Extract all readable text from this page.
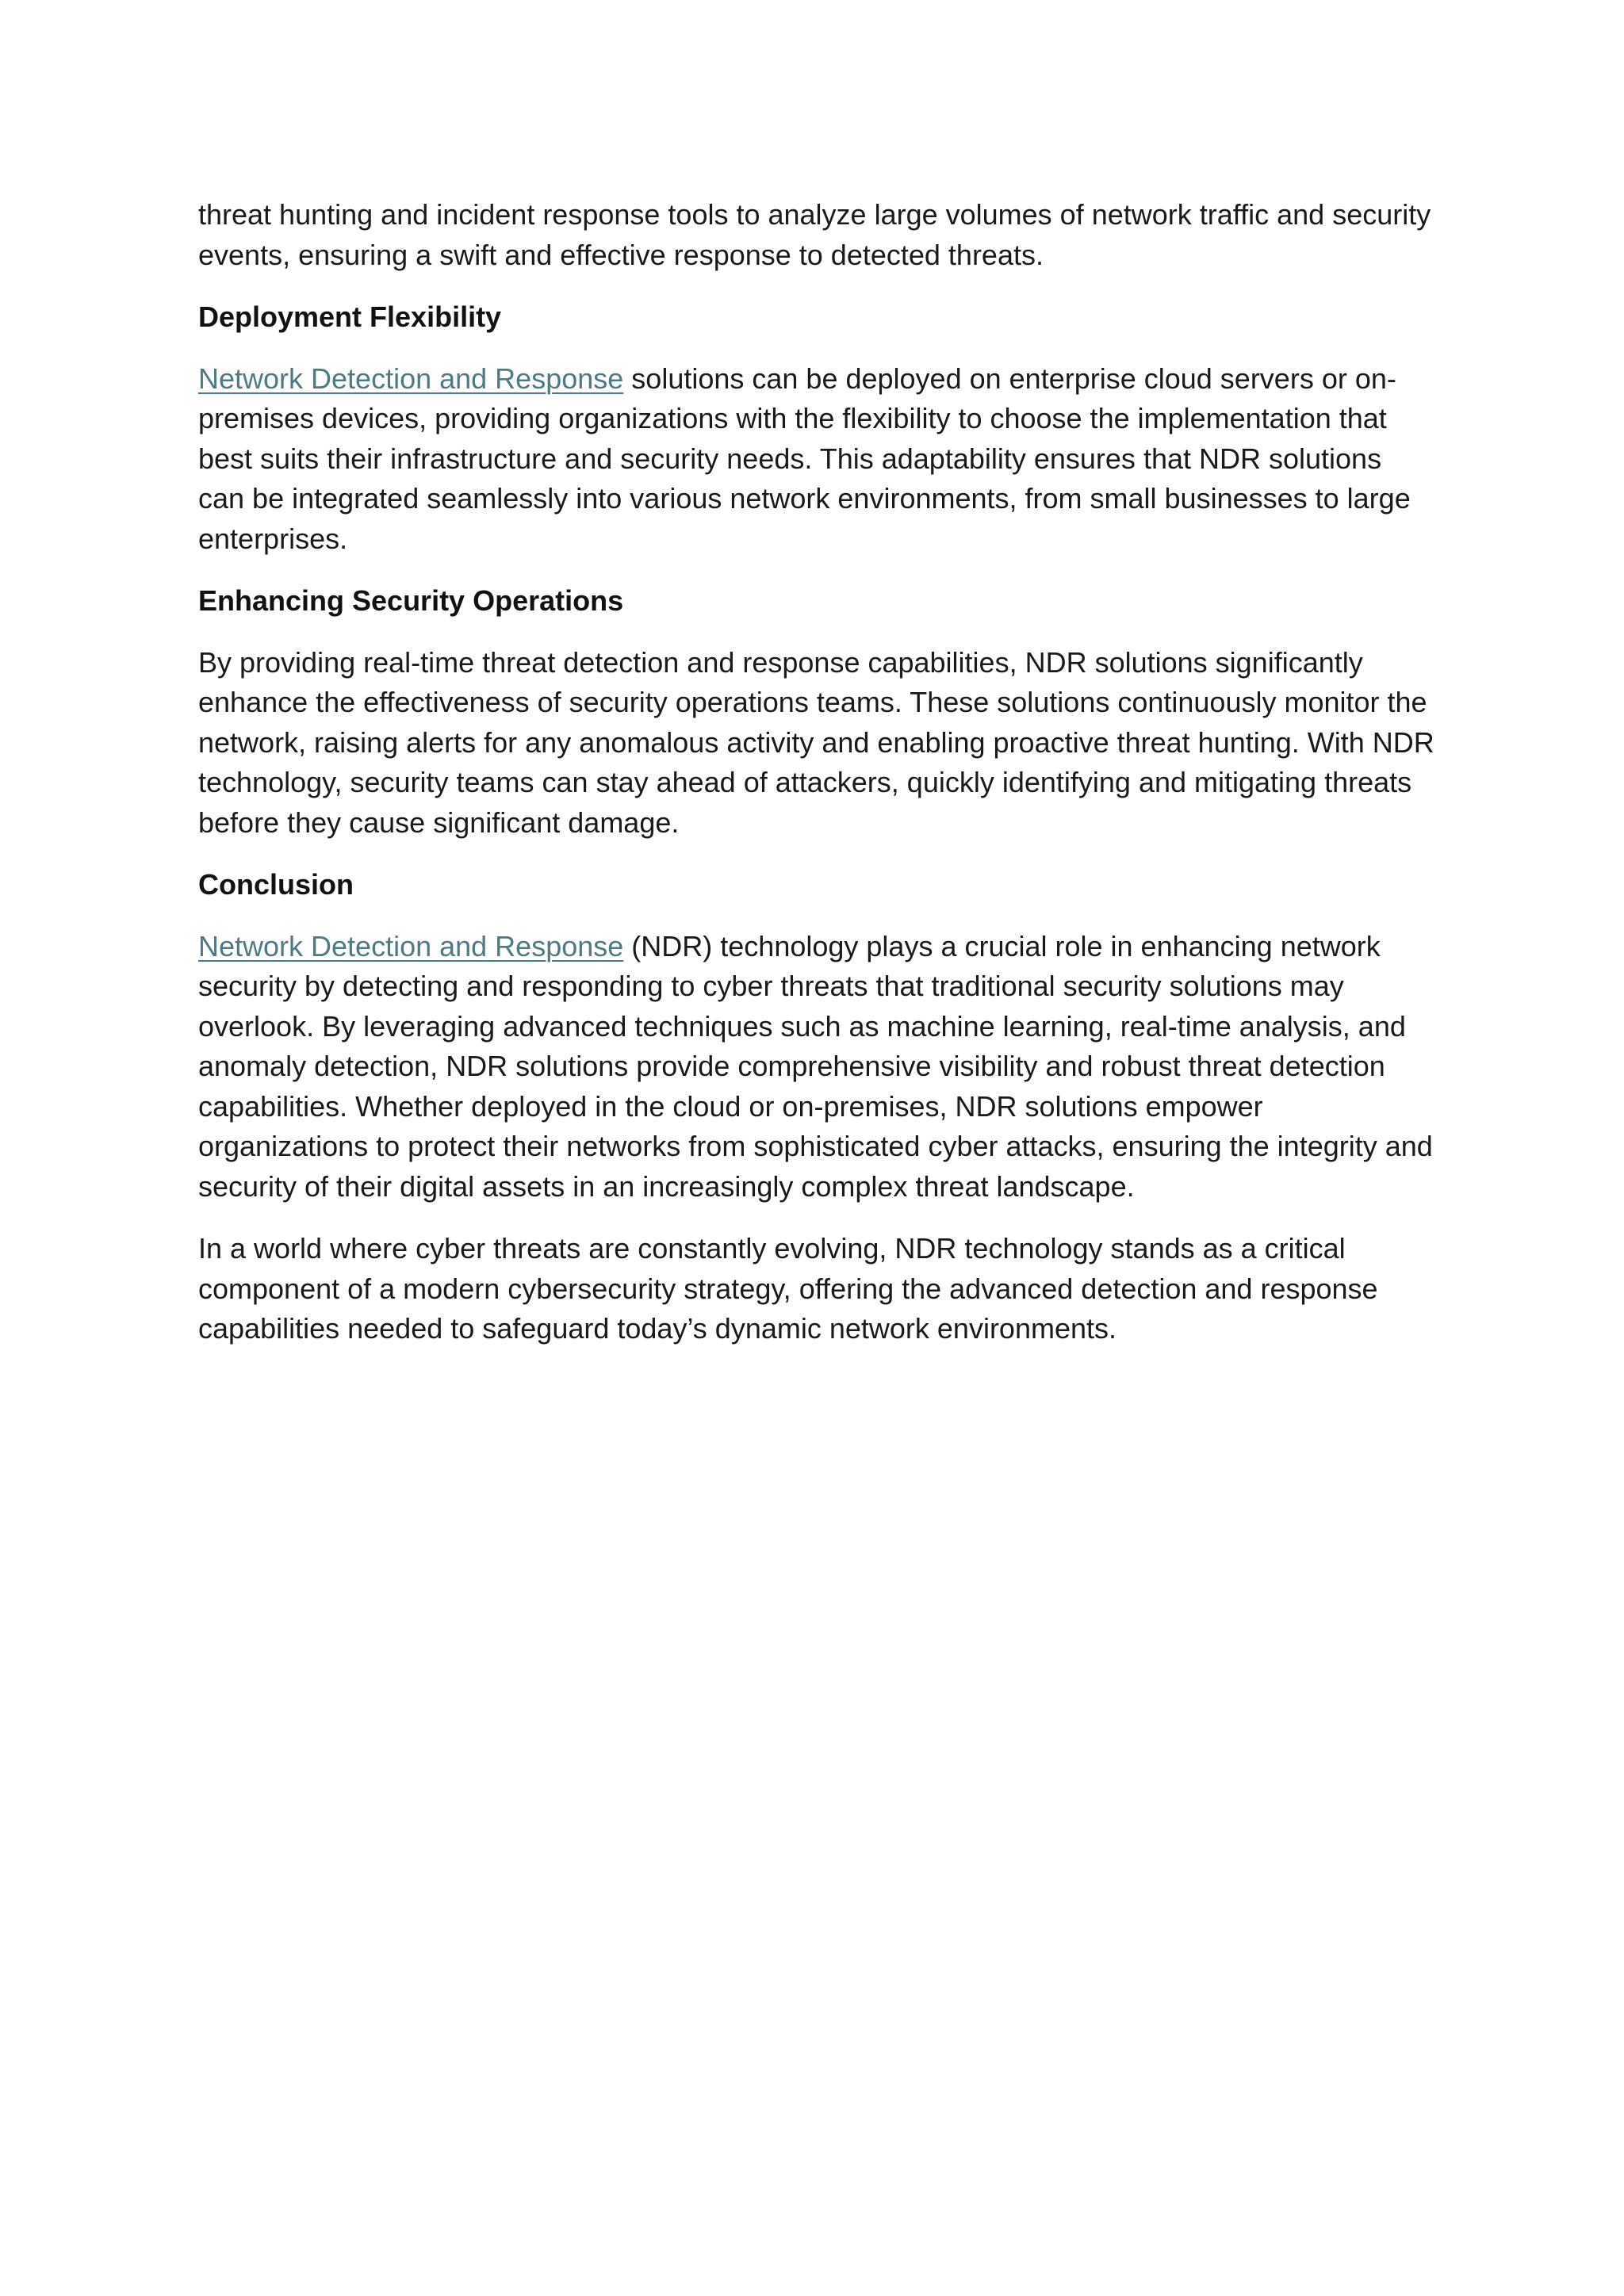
threat hunting and incident response tools to analyze large volumes of network traffic and security events, ensuring a swift and effective response to detected threats.

Deployment Flexibility

Network Detection and Response solutions can be deployed on enterprise cloud servers or on-premises devices, providing organizations with the flexibility to choose the implementation that best suits their infrastructure and security needs. This adaptability ensures that NDR solutions can be integrated seamlessly into various network environments, from small businesses to large enterprises.

Enhancing Security Operations

By providing real-time threat detection and response capabilities, NDR solutions significantly enhance the effectiveness of security operations teams. These solutions continuously monitor the network, raising alerts for any anomalous activity and enabling proactive threat hunting. With NDR technology, security teams can stay ahead of attackers, quickly identifying and mitigating threats before they cause significant damage.

Conclusion

Network Detection and Response (NDR) technology plays a crucial role in enhancing network security by detecting and responding to cyber threats that traditional security solutions may overlook. By leveraging advanced techniques such as machine learning, real-time analysis, and anomaly detection, NDR solutions provide comprehensive visibility and robust threat detection capabilities. Whether deployed in the cloud or on-premises, NDR solutions empower organizations to protect their networks from sophisticated cyber attacks, ensuring the integrity and security of their digital assets in an increasingly complex threat landscape.

In a world where cyber threats are constantly evolving, NDR technology stands as a critical component of a modern cybersecurity strategy, offering the advanced detection and response capabilities needed to safeguard today’s dynamic network environments.
